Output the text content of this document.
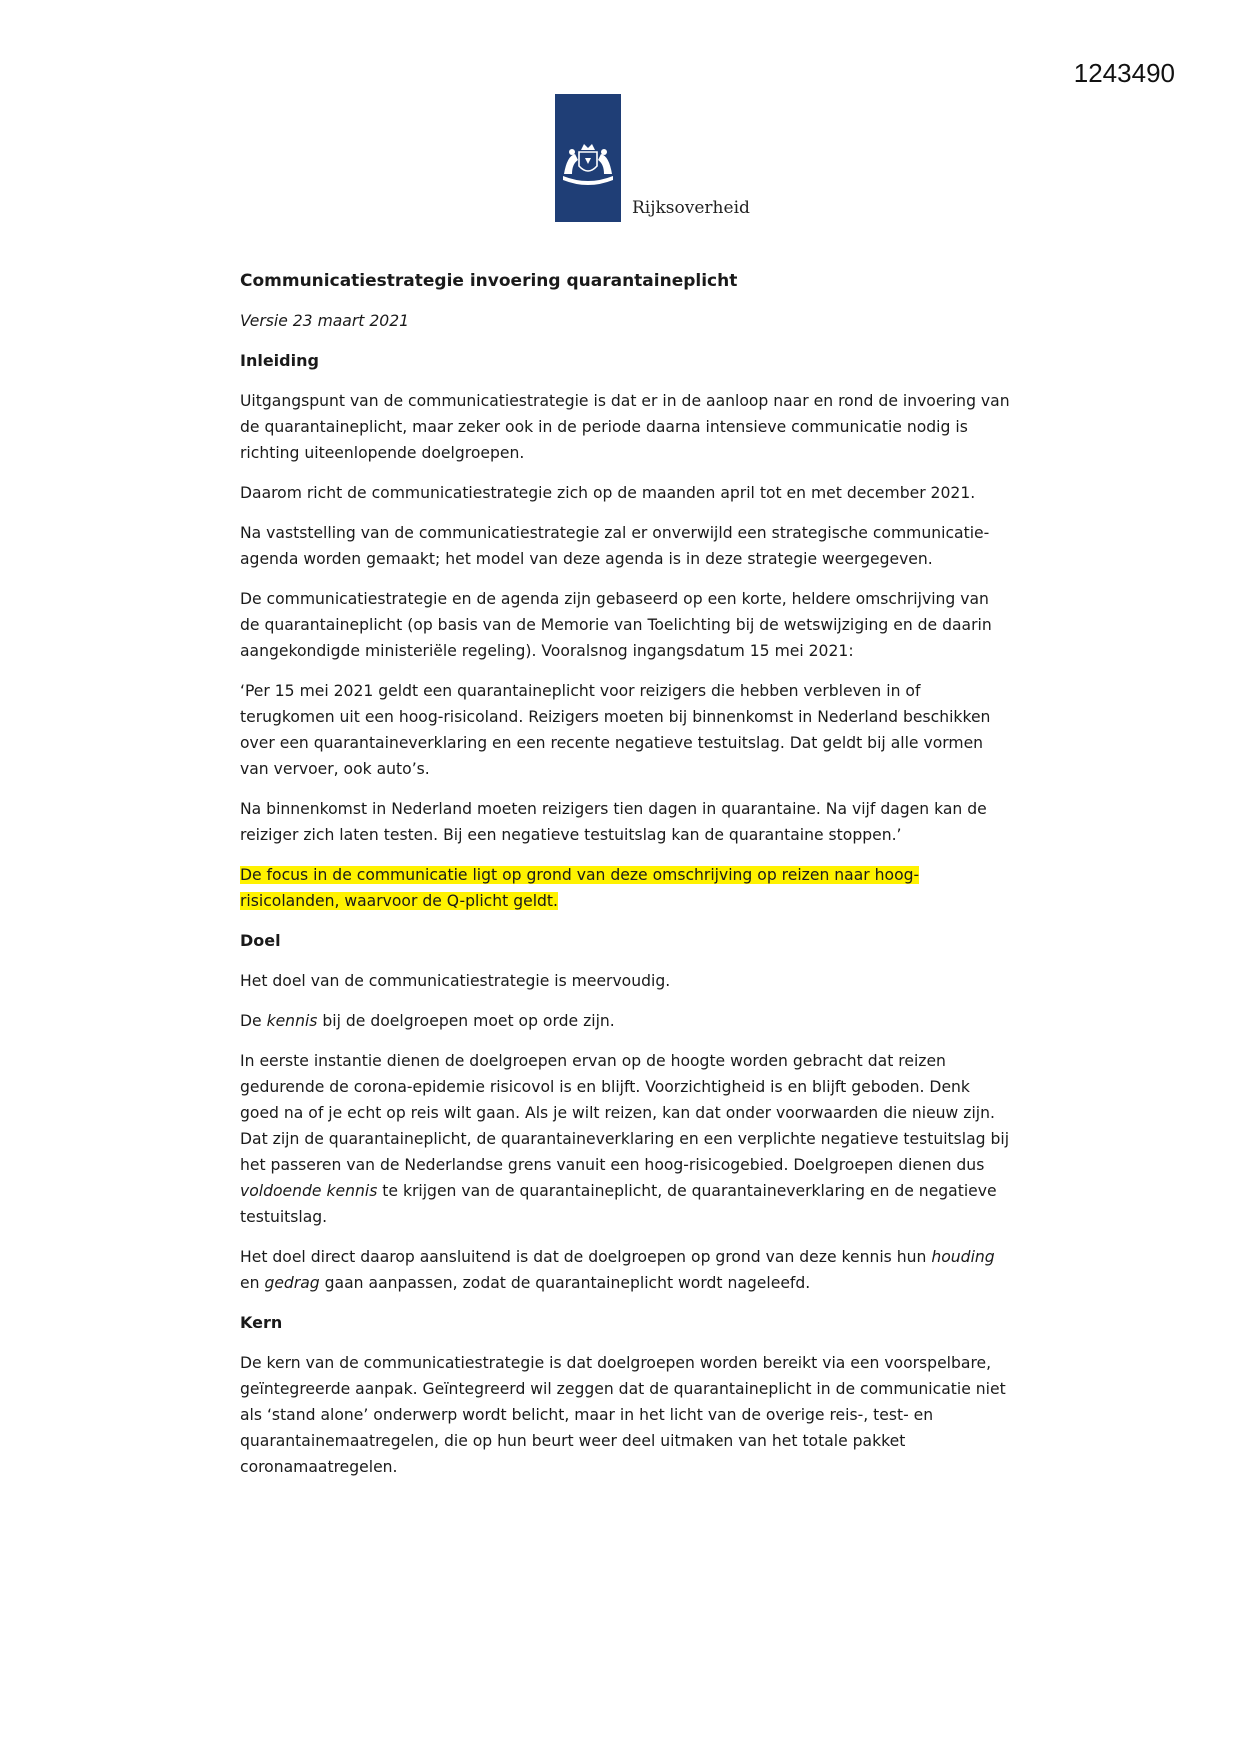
1243490
Rijksoverheid
Communicatiestrategie invoering quarantaineplicht

Versie 23 maart 2021

Inleiding

Uitgangspunt van de communicatiestrategie is dat er in de aanloop naar en rond de invoering van de quarantaineplicht, maar zeker ook in de periode daarna intensieve communicatie nodig is richting uiteenlopende doelgroepen.

Daarom richt de communicatiestrategie zich op de maanden april tot en met december 2021.

Na vaststelling van de communicatiestrategie zal er onverwijld een strategische communicatie-agenda worden gemaakt; het model van deze agenda is in deze strategie weergegeven.

De communicatiestrategie en de agenda zijn gebaseerd op een korte, heldere omschrijving van de quarantaineplicht (op basis van de Memorie van Toelichting bij de wetswijziging en de daarin aangekondigde ministeriële regeling). Vooralsnog ingangsdatum 15 mei 2021:

‘Per 15 mei 2021 geldt een quarantaineplicht voor reizigers die hebben verbleven in of terugkomen uit een hoog-risicoland. Reizigers moeten bij binnenkomst in Nederland beschikken over een quarantaineverklaring en een recente negatieve testuitslag. Dat geldt bij alle vormen van vervoer, ook auto’s.

Na binnenkomst in Nederland moeten reizigers tien dagen in quarantaine. Na vijf dagen kan de reiziger zich laten testen. Bij een negatieve testuitslag kan de quarantaine stoppen.’

De focus in de communicatie ligt op grond van deze omschrijving op reizen naar hoog-risicolanden, waarvoor de Q-plicht geldt.

Doel

Het doel van de communicatiestrategie is meervoudig.

De kennis bij de doelgroepen moet op orde zijn.

In eerste instantie dienen de doelgroepen ervan op de hoogte worden gebracht dat reizen gedurende de corona-epidemie risicovol is en blijft. Voorzichtigheid is en blijft geboden. Denk goed na of je echt op reis wilt gaan. Als je wilt reizen, kan dat onder voorwaarden die nieuw zijn. Dat zijn de quarantaineplicht, de quarantaineverklaring en een verplichte negatieve testuitslag bij het passeren van de Nederlandse grens vanuit een hoog-risicogebied. Doelgroepen dienen dus voldoende kennis te krijgen van de quarantaineplicht, de quarantaineverklaring en de negatieve testuitslag.

Het doel direct daarop aansluitend is dat de doelgroepen op grond van deze kennis hun houding en gedrag gaan aanpassen, zodat de quarantaineplicht wordt nageleefd.

Kern

De kern van de communicatiestrategie is dat doelgroepen worden bereikt via een voorspelbare, geïntegreerde aanpak. Geïntegreerd wil zeggen dat de quarantaineplicht in de communicatie niet als ‘stand alone’ onderwerp wordt belicht, maar in het licht van de overige reis-, test- en quarantainemaatregelen, die op hun beurt weer deel uitmaken van het totale pakket coronamaatregelen.
